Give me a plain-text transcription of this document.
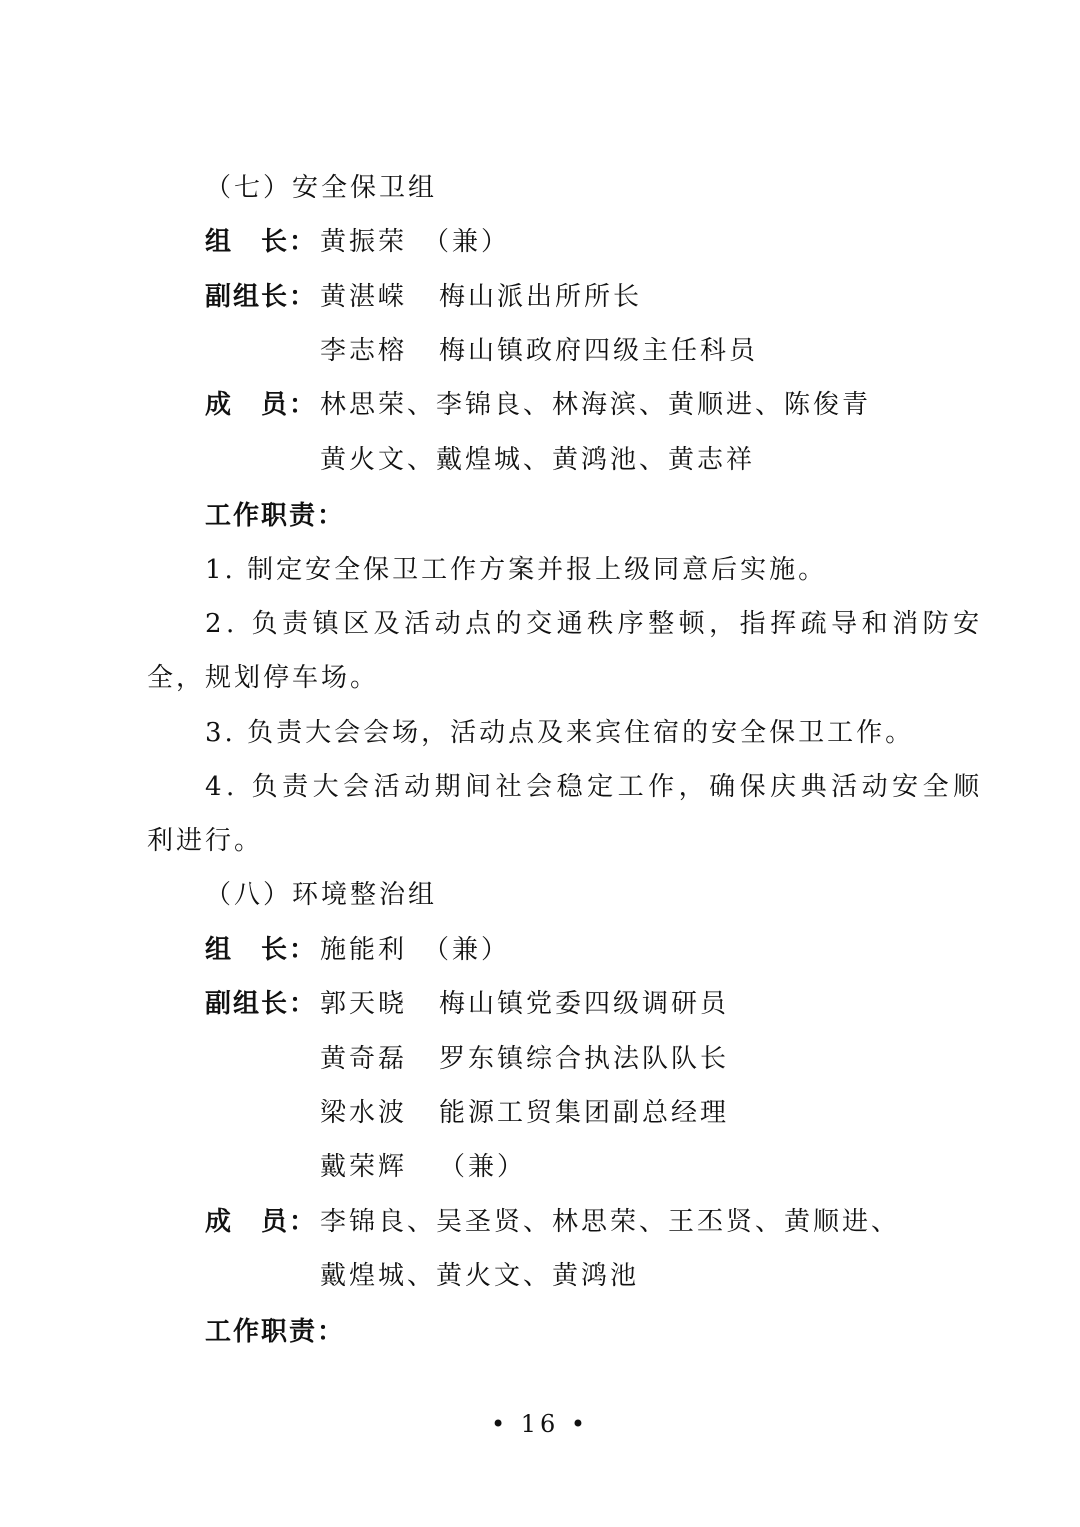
（七）安全保卫组
组　长： 黄振荣　（兼）
副组长： 黄湛嵘 梅山派出所所长
李志榕 梅山镇政府四级主任科员
成　员： 林思荣、李锦良、林海滨、黄顺进、陈俊青
黄火文、戴煌城、黄鸿池、黄志祥
工作职责：
1. 制定安全保卫工作方案并报上级同意后实施。
2. 负责镇区及活动点的交通秩序整顿，指挥疏导和消防安
全，规划停车场。
3. 负责大会会场，活动点及来宾住宿的安全保卫工作。
4. 负责大会活动期间社会稳定工作，确保庆典活动安全顺
利进行。
（八）环境整治组
组　长： 施能利　（兼）
副组长： 郭天晓 梅山镇党委四级调研员
黄奇磊 罗东镇综合执法队队长
梁水波 能源工贸集团副总经理
戴荣辉 （兼）
成　员： 李锦良、吴圣贤、林思荣、王丕贤、黄顺进、
戴煌城、黄火文、黄鸿池
工作职责：
• 16 •
